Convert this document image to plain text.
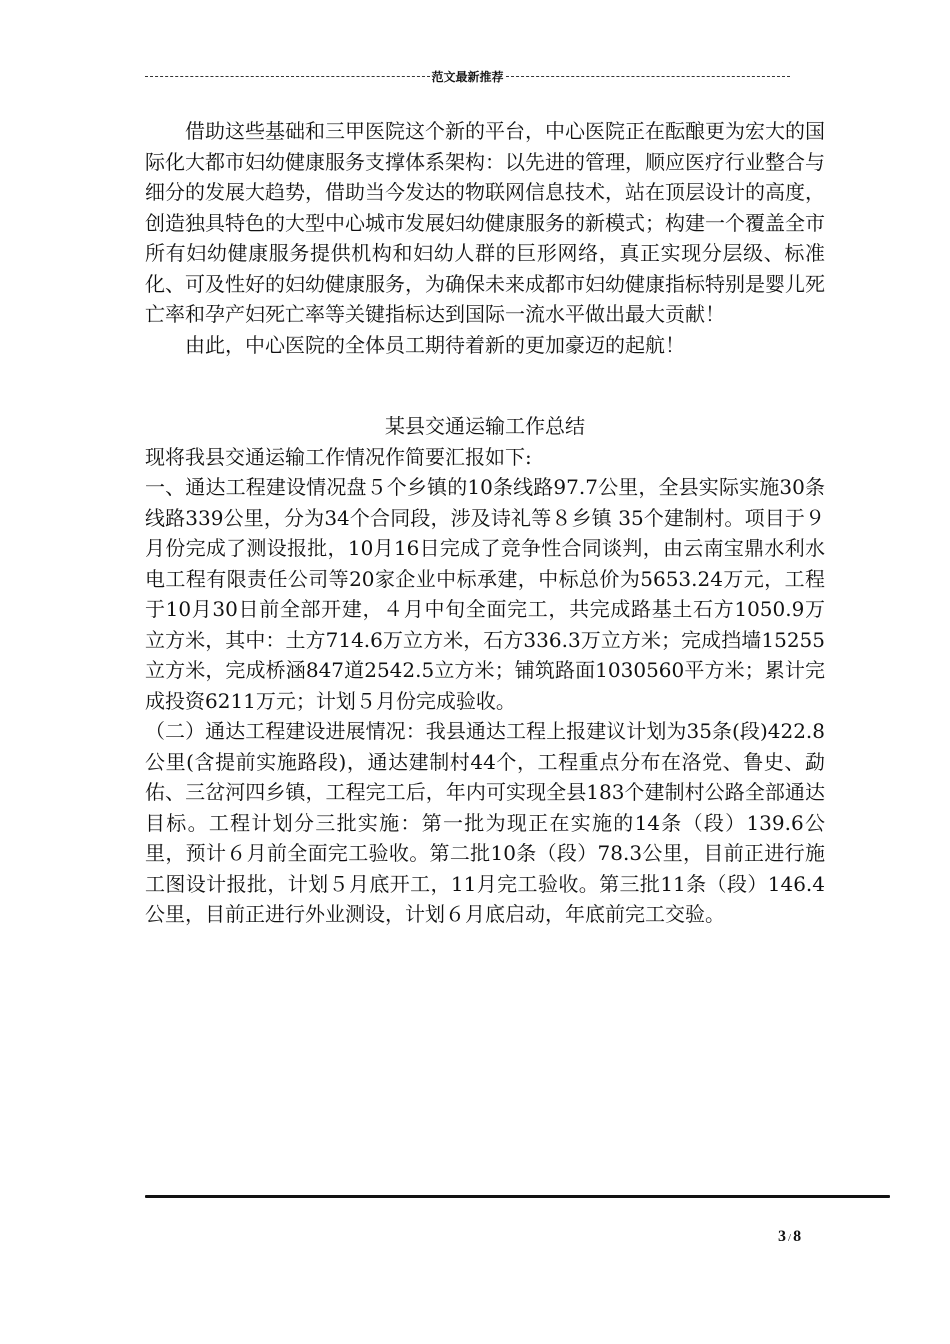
范文最新推荐

借助这些基础和三甲医院这个新的平台，中心医院正在酝酿更为宏大的国际化大都市妇幼健康服务支撑体系架构：以先进的管理，顺应医疗行业整合与细分的发展大趋势，借助当今发达的物联网信息技术，站在顶层设计的高度，创造独具特色的大型中心城市发展妇幼健康服务的新模式；构建一个覆盖全市所有妇幼健康服务提供机构和妇幼人群的巨形网络，真正实现分层级、标准化、可及性好的妇幼健康服务，为确保未来成都市妇幼健康指标特别是婴儿死亡率和孕产妇死亡率等关键指标达到国际一流水平做出最大贡献！

由此，中心医院的全体员工期待着新的更加豪迈的起航！

某县交通运输工作总结

现将我县交通运输工作情况作简要汇报如下:

一、通达工程建设情况盘５个乡镇的10条线路97.7公里，全县实际实施30条线路339公里，分为34个合同段，涉及诗礼等８乡镇 35个建制村。项目于９月份完成了测设报批，10月16日完成了竞争性合同谈判，由云南宝鼎水利水电工程有限责任公司等20家企业中标承建，中标总价为5653.24万元，工程于10月30日前全部开建，４月中旬全面完工，共完成路基土石方1050.9万立方米，其中：土方714.6万立方米，石方336.3万立方米；完成挡墙15255立方米，完成桥涵847道2542.5立方米；铺筑路面1030560平方米；累计完成投资6211万元；计划５月份完成验收。

（二）通达工程建设进展情况：我县通达工程上报建议计划为35条(段)422.8公里(含提前实施路段)，通达建制村44个，工程重点分布在洛党、鲁史、勐佑、三岔河四乡镇，工程完工后，年内可实现全县183个建制村公路全部通达目标。工程计划分三批实施：第一批为现正在实施的14条（段）139.6公里，预计６月前全面完工验收。第二批10条（段）78.3公里，目前正进行施工图设计报批，计划５月底开工，11月完工验收。第三批11条（段）146.4公里，目前正进行外业测设，计划６月底启动，年底前完工交验。

3 / 8
